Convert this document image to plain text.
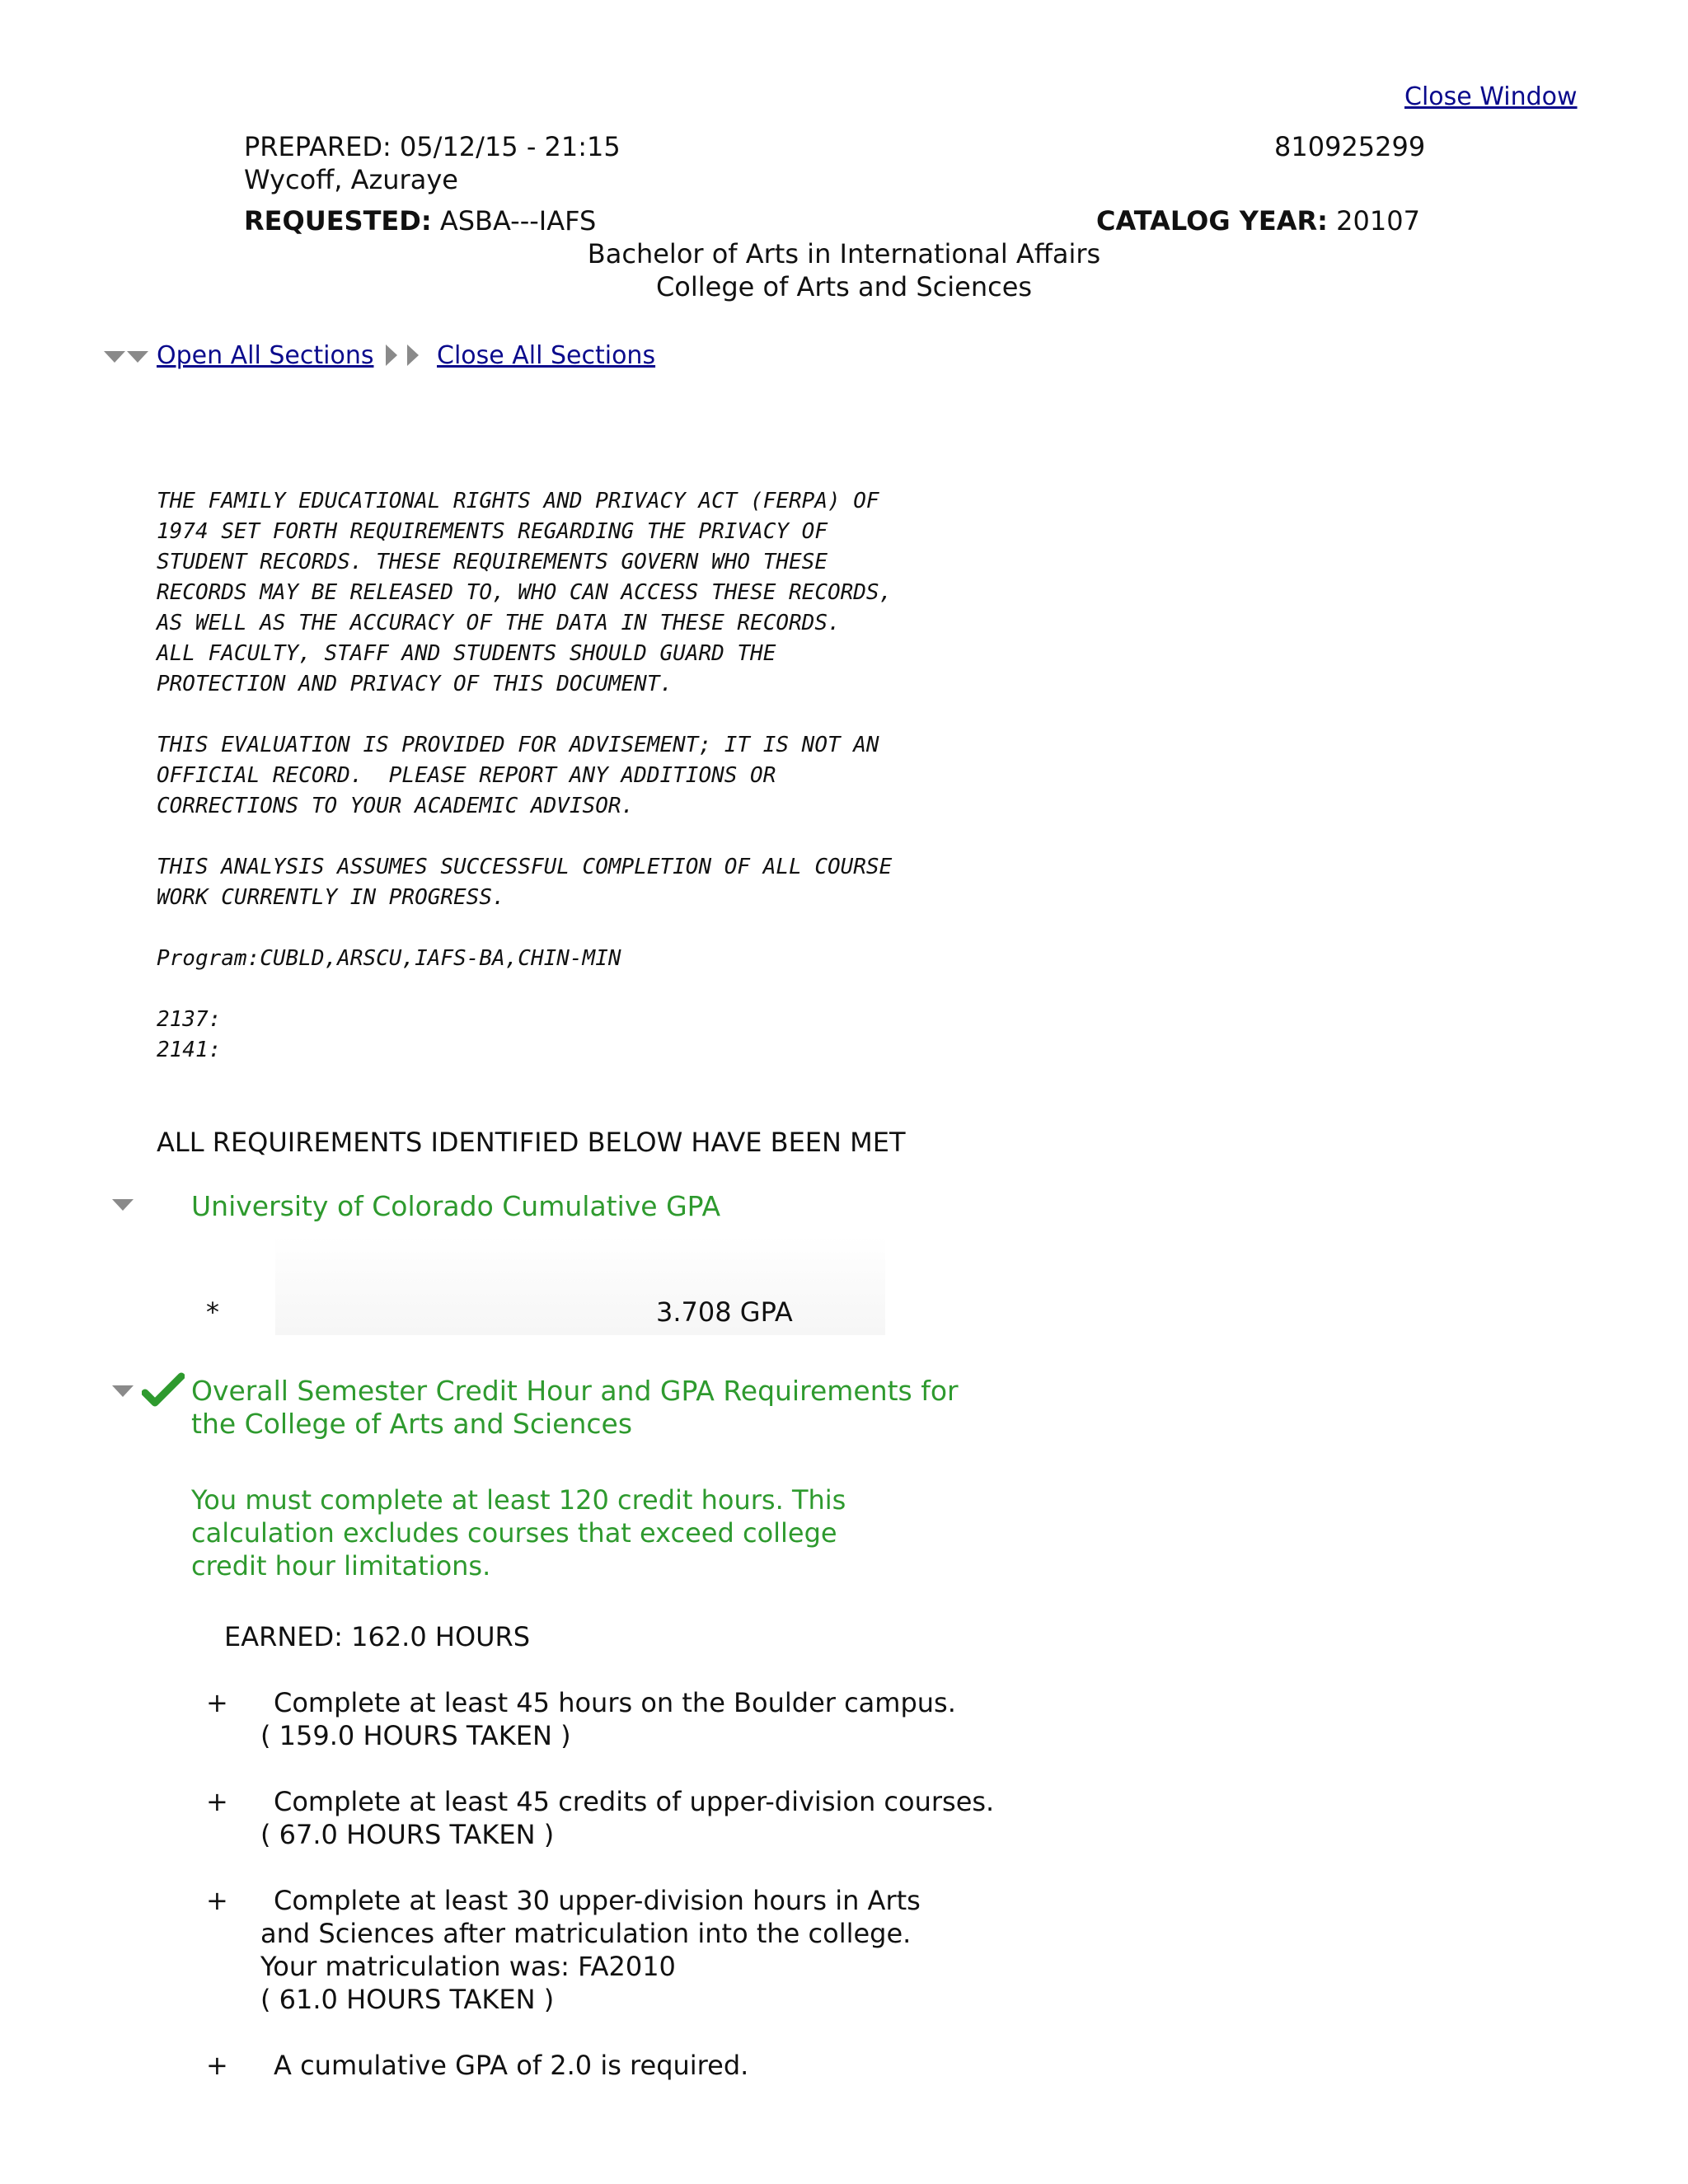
Close Window
PREPARED: 05/12/15 - 21:15	810925299
Wycoff, Azuraye
REQUESTED: ASBA---IAFS	CATALOG YEAR: 20107
Bachelor of Arts in International Affairs
College of Arts and Sciences
Open All Sections	Close All Sections
THE FAMILY EDUCATIONAL RIGHTS AND PRIVACY ACT (FERPA) OF
1974 SET FORTH REQUIREMENTS REGARDING THE PRIVACY OF
STUDENT RECORDS. THESE REQUIREMENTS GOVERN WHO THESE
RECORDS MAY BE RELEASED TO, WHO CAN ACCESS THESE RECORDS,
AS WELL AS THE ACCURACY OF THE DATA IN THESE RECORDS.
ALL FACULTY, STAFF AND STUDENTS SHOULD GUARD THE
PROTECTION AND PRIVACY OF THIS DOCUMENT.

THIS EVALUATION IS PROVIDED FOR ADVISEMENT; IT IS NOT AN
OFFICIAL RECORD.  PLEASE REPORT ANY ADDITIONS OR
CORRECTIONS TO YOUR ACADEMIC ADVISOR.

THIS ANALYSIS ASSUMES SUCCESSFUL COMPLETION OF ALL COURSE
WORK CURRENTLY IN PROGRESS.

Program:CUBLD,ARSCU,IAFS-BA,CHIN-MIN

2137:
2141:
ALL REQUIREMENTS IDENTIFIED BELOW HAVE BEEN MET
University of Colorado Cumulative GPA
*	3.708 GPA
Overall Semester Credit Hour and GPA Requirements for
the College of Arts and Sciences
You must complete at least 120 credit hours. This
calculation excludes courses that exceed college
credit hour limitations.
EARNED: 162.0 HOURS
+ Complete at least 45 hours on the Boulder campus.
( 159.0 HOURS TAKEN )
+ Complete at least 45 credits of upper-division courses.
( 67.0 HOURS TAKEN )
+ Complete at least 30 upper-division hours in Arts
and Sciences after matriculation into the college.
Your matriculation was: FA2010
( 61.0 HOURS TAKEN )
+ A cumulative GPA of 2.0 is required.
